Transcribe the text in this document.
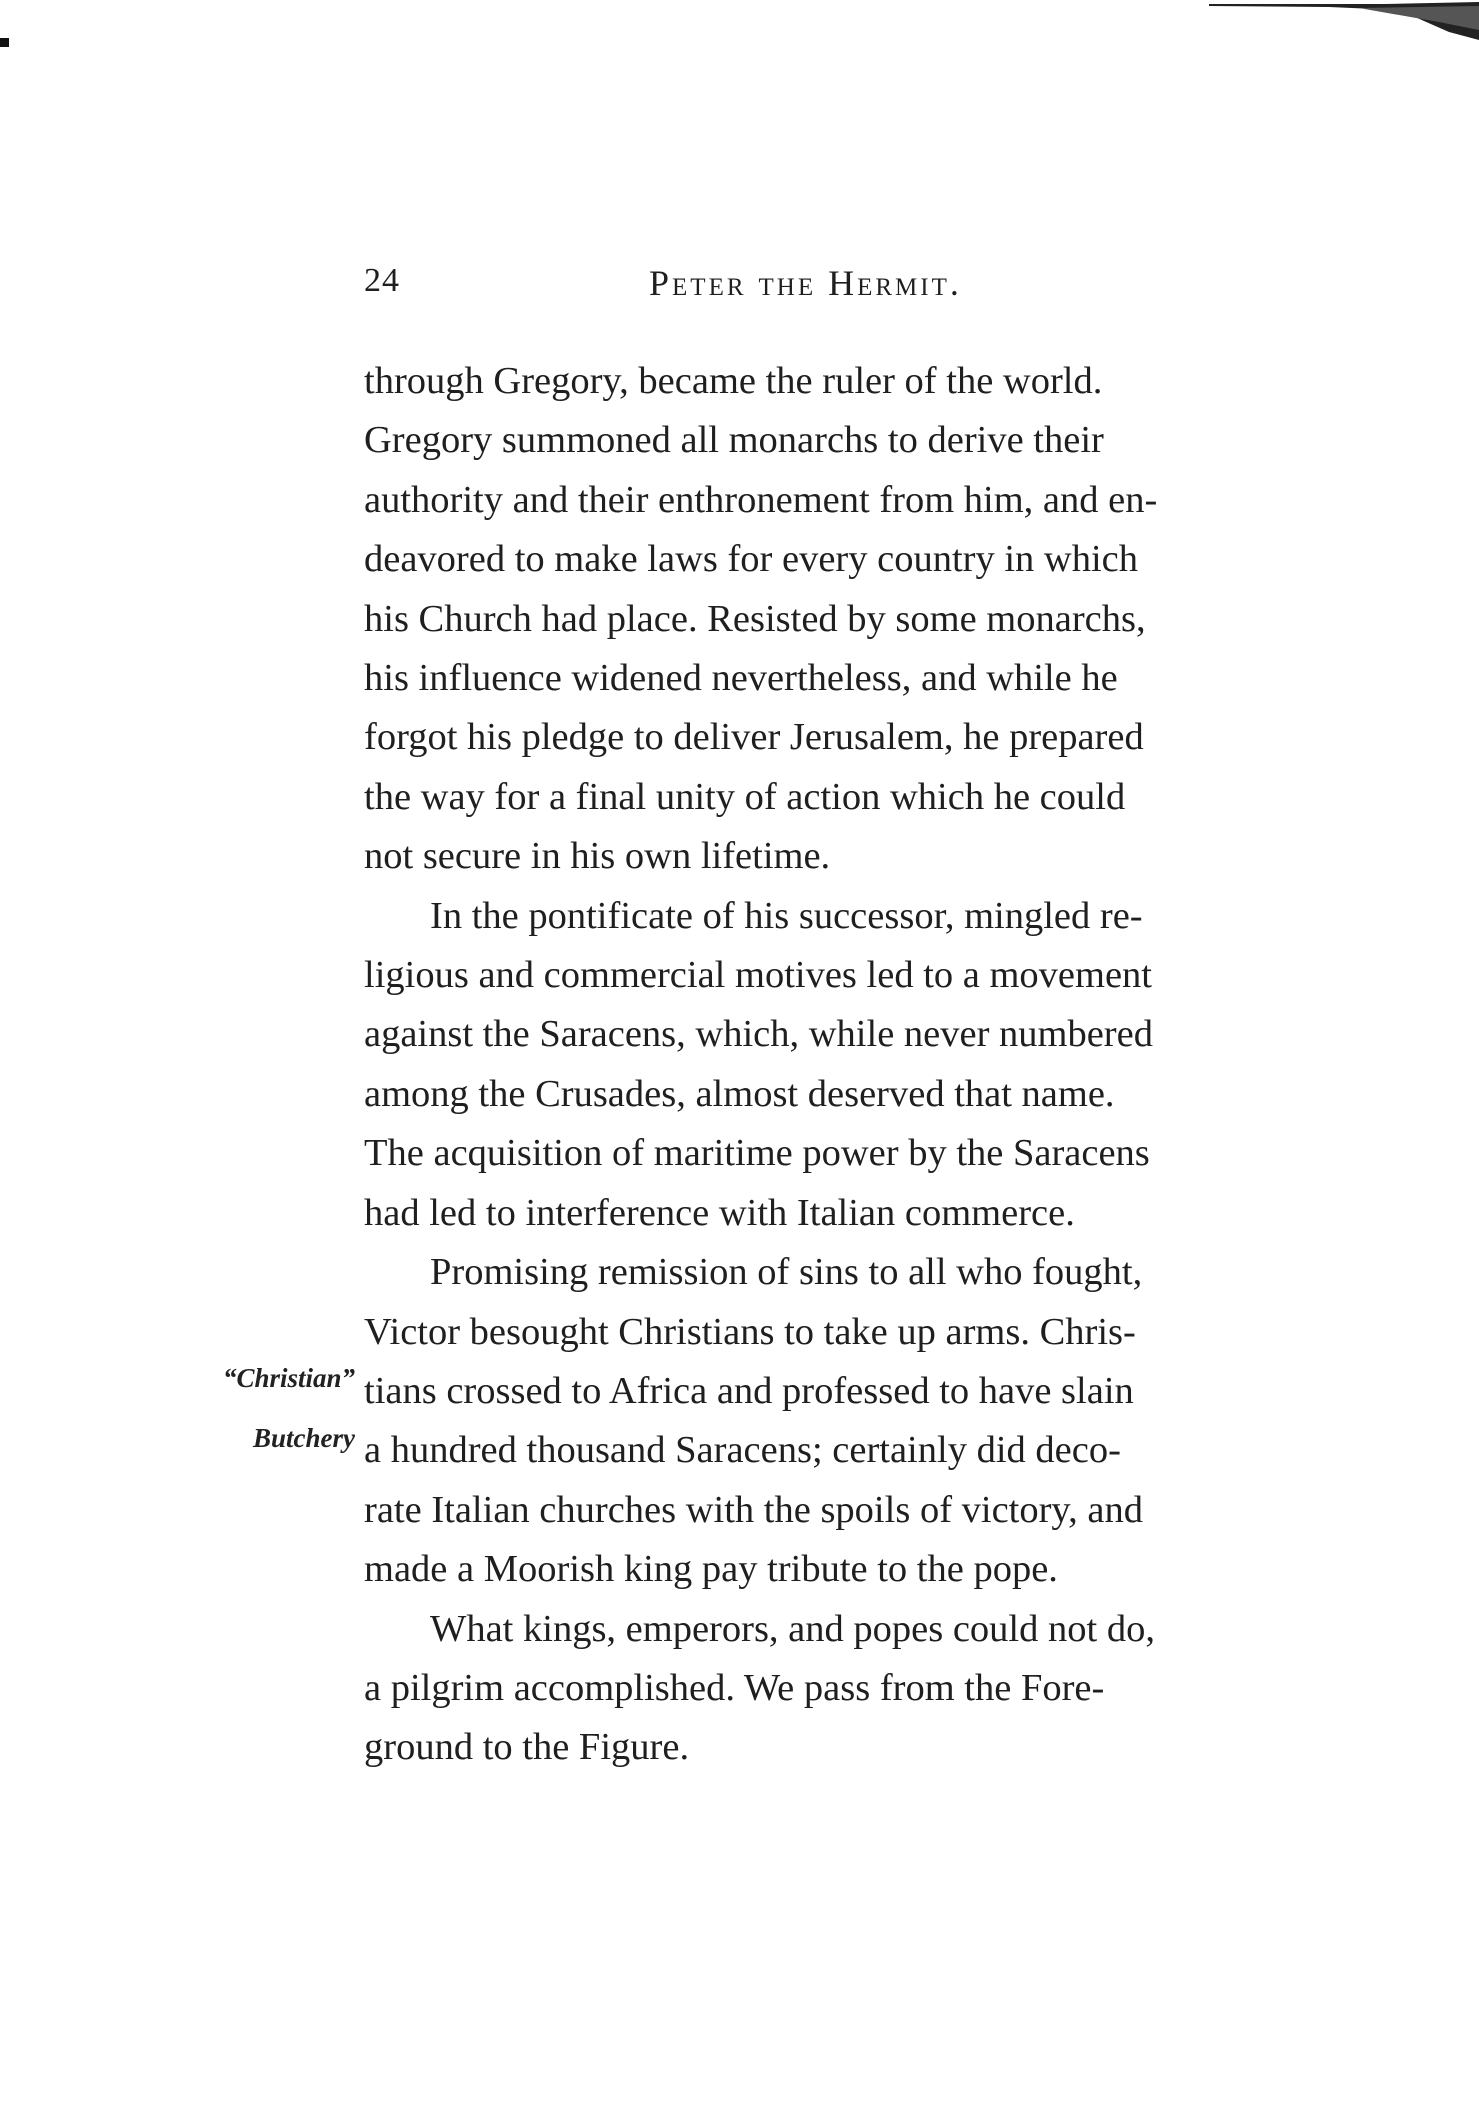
24	Peter the Hermit.
“Christian”
Butchery

through Gregory, became the ruler of the world.
Gregory summoned all monarchs to derive their
authority and their enthronement from him, and en-
deavored to make laws for every country in which
his Church had place. Resisted by some monarchs,
his influence widened nevertheless, and while he
forgot his pledge to deliver Jerusalem, he prepared
the way for a final unity of action which he could
not secure in his own lifetime.

In the pontificate of his successor, mingled re-
ligious and commercial motives led to a movement
against the Saracens, which, while never numbered
among the Crusades, almost deserved that name.
The acquisition of maritime power by the Saracens
had led to interference with Italian commerce.

Promising remission of sins to all who fought,
Victor besought Christians to take up arms. Chris-
tians crossed to Africa and professed to have slain
a hundred thousand Saracens; certainly did deco-
rate Italian churches with the spoils of victory, and
made a Moorish king pay tribute to the pope.

What kings, emperors, and popes could not do,
a pilgrim accomplished. We pass from the Fore-
ground to the Figure.
